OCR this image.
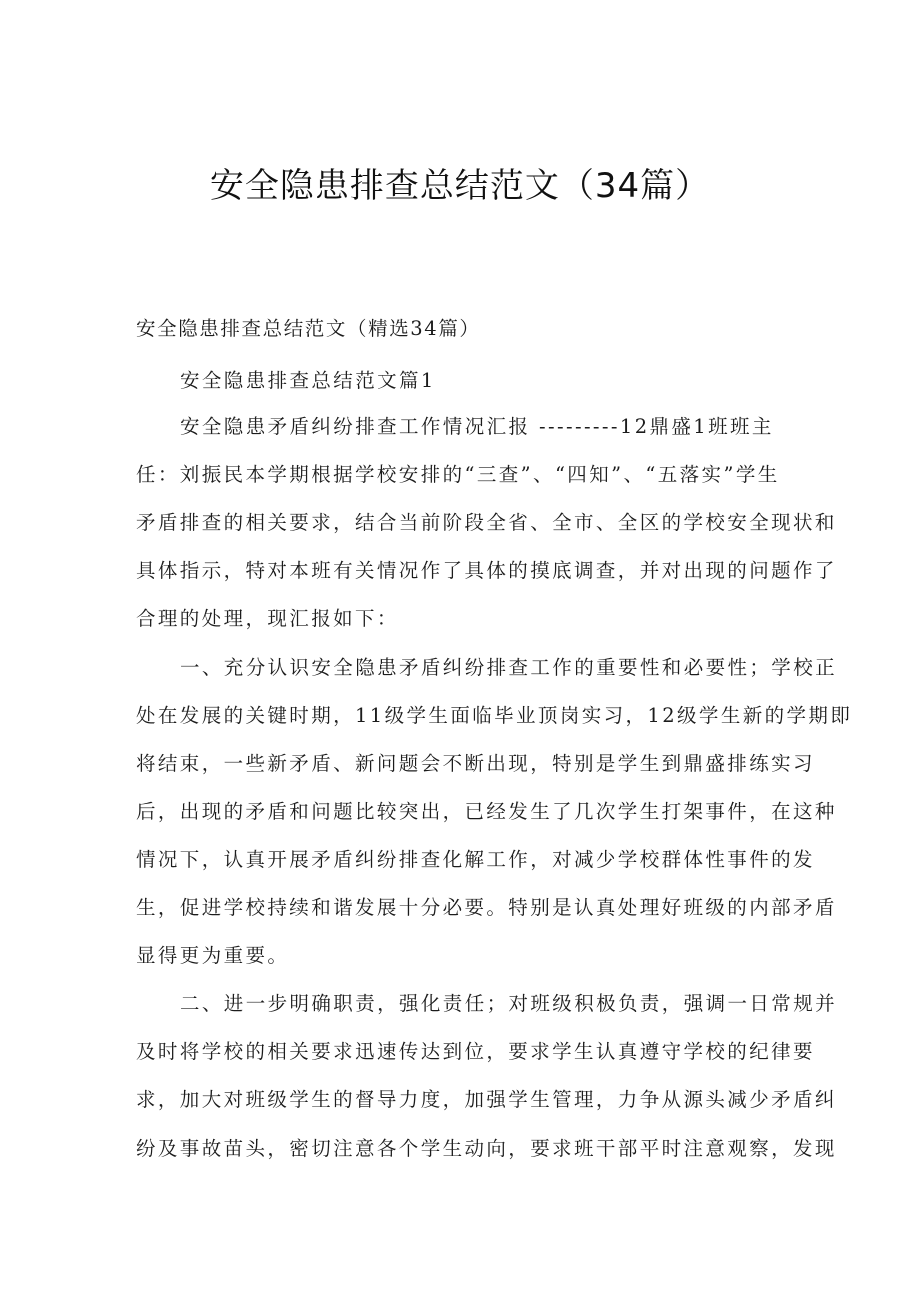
安全隐患排查总结范文（34篇）
安全隐患排查总结范文（精选34篇）
安全隐患排查总结范文篇1
安全隐患矛盾纠纷排查工作情况汇报 ---------12鼎盛1班班主
任：刘振民本学期根据学校安排的“三查”、“四知”、“五落实”学生
矛盾排查的相关要求，结合当前阶段全省、全市、全区的学校安全现状和
具体指示，特对本班有关情况作了具体的摸底调查，并对出现的问题作了
合理的处理，现汇报如下：
一、充分认识安全隐患矛盾纠纷排查工作的重要性和必要性；学校正
处在发展的关键时期，11级学生面临毕业顶岗实习，12级学生新的学期即
将结束，一些新矛盾、新问题会不断出现，特别是学生到鼎盛排练实习
后，出现的矛盾和问题比较突出，已经发生了几次学生打架事件，在这种
情况下，认真开展矛盾纠纷排查化解工作，对减少学校群体性事件的发
生，促进学校持续和谐发展十分必要。特别是认真处理好班级的内部矛盾
显得更为重要。
二、进一步明确职责，强化责任；对班级积极负责，强调一日常规并
及时将学校的相关要求迅速传达到位，要求学生认真遵守学校的纪律要
求，加大对班级学生的督导力度，加强学生管理，力争从源头减少矛盾纠
纷及事故苗头，密切注意各个学生动向，要求班干部平时注意观察，发现
